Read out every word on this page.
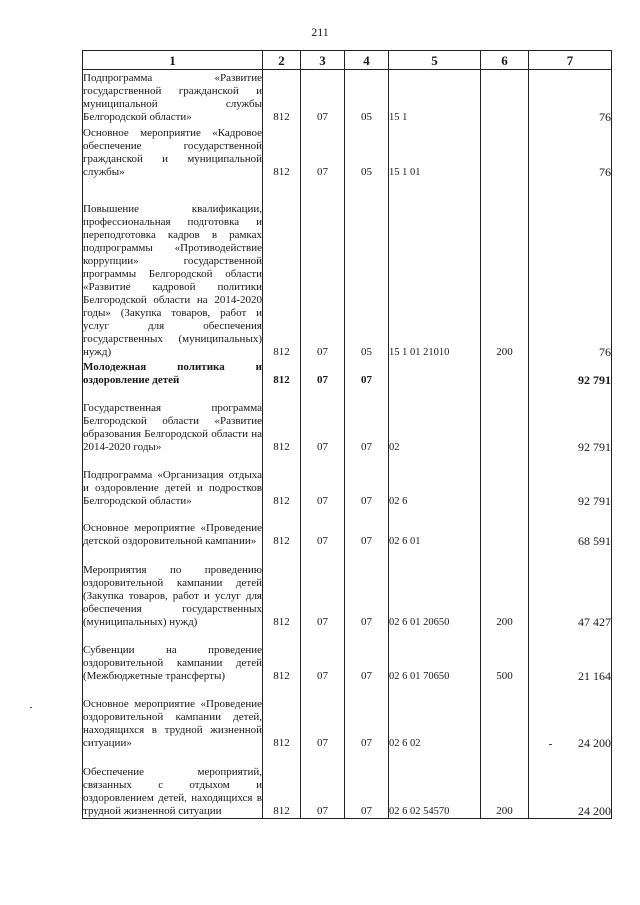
211
1	2	3	4	5	6	7

Подпрограмма «Развитие государственной гражданской и муниципальной службы Белгородской области»	812	07	05	15 1		76

Основное мероприятие «Кадровое обеспечение государственной гражданской и муниципальной службы»	812	07	05	15 1 01		76

Повышение квалификации, профессиональная подготовка и переподготовка кадров в рамках подпрограммы «Противодействие коррупции» государственной программы Белгородской области «Развитие кадровой политики Белгородской области на 2014-2020 годы» (Закупка товаров, работ и услуг для обеспечения государственных (муниципальных) нужд)	812	07	05	15 1 01 21010	200	76

Молодежная политика и оздоровление детей	812	07	07			92 791

Государственная программа Белгородской области «Развитие образования Белгородской области на 2014-2020 годы»	812	07	07	02		92 791

Подпрограмма «Организация отдыха и оздоровление детей и подростков Белгородской области»	812	07	07	02 6		92 791

Основное мероприятие «Проведение детской оздоровительной кампании»	812	07	07	02 6 01		68 591

Мероприятия по проведению оздоровительной кампании детей (Закупка товаров, работ и услуг для обеспечения государственных (муниципальных) нужд)	812	07	07	02 6 01 20650	200	47 427

Субвенции на проведение оздоровительной кампании детей (Межбюджетные трансферты)	812	07	07	02 6 01 70650	500	21 164

Основное мероприятие «Проведение оздоровительной кампании детей, находящихся в трудной жизненной ситуации»	812	07	07	02 6 02		24 200

Обеспечение мероприятий, связанных с отдыхом и оздоровлением детей, находящихся в трудной жизненной ситуации	812	07	07	02 6 02 54570	200	24 200
